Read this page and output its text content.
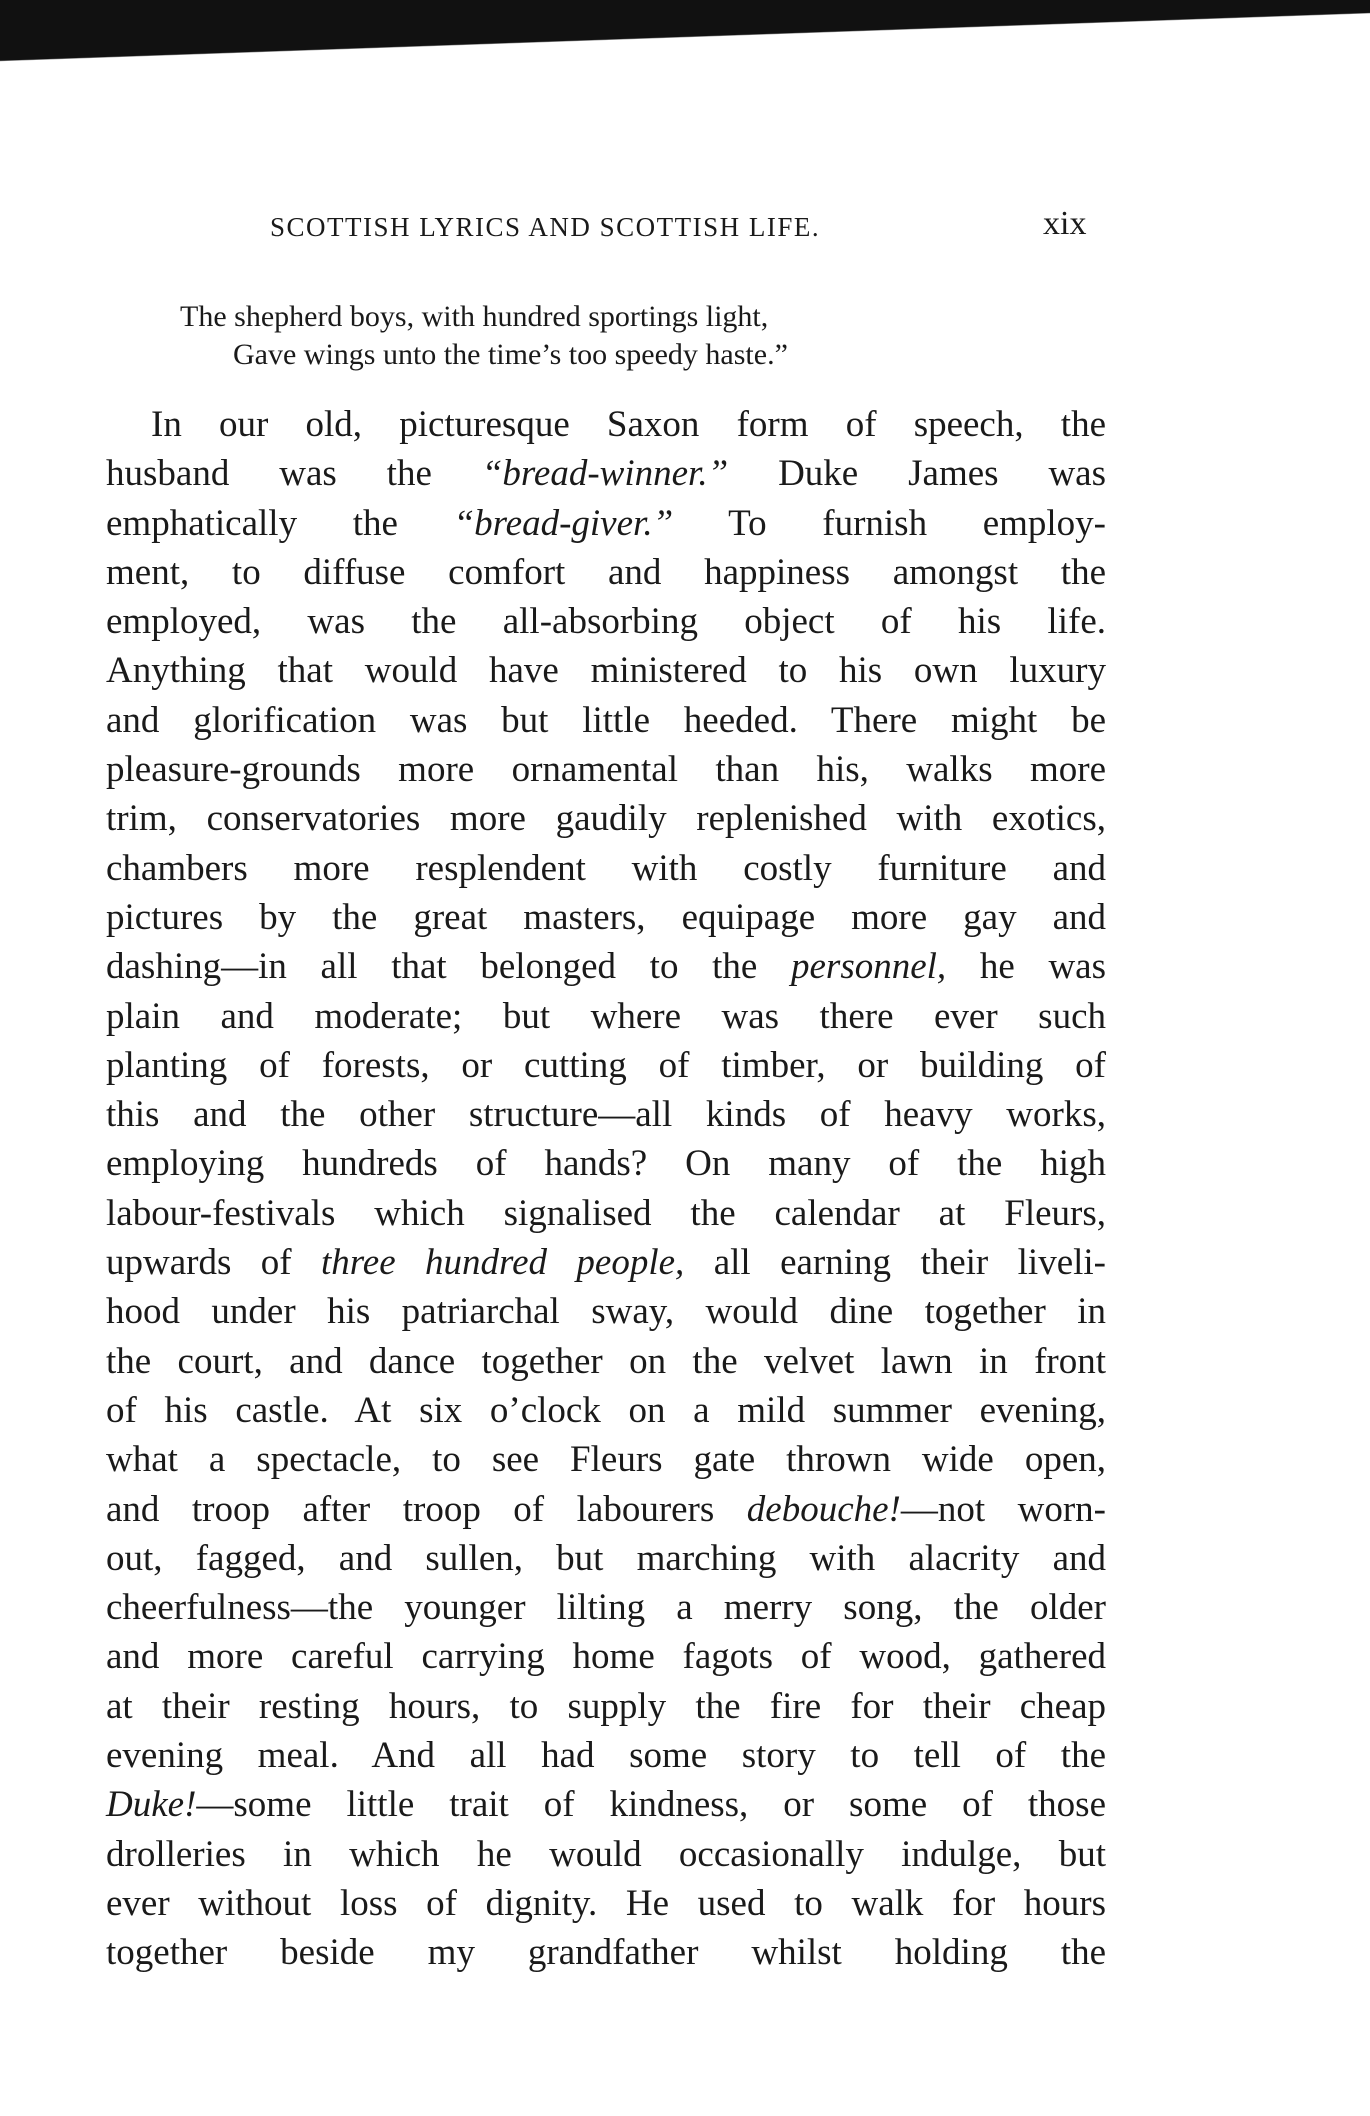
SCOTTISH LYRICS AND SCOTTISH LIFE.	xix
The shepherd boys, with hundred sportings light,
Gave wings unto the time’s too speedy haste.”
In our old, picturesque Saxon form of speech, the
husband was the “bread-winner.” Duke James was
emphatically the “bread-giver.” To furnish employ-
ment, to diffuse comfort and happiness amongst the
employed, was the all-absorbing object of his life.
Anything that would have ministered to his own luxury
and glorification was but little heeded. There might be
pleasure-grounds more ornamental than his, walks more
trim, conservatories more gaudily replenished with exotics,
chambers more resplendent with costly furniture and
pictures by the great masters, equipage more gay and
dashing—in all that belonged to the personnel, he was
plain and moderate; but where was there ever such
planting of forests, or cutting of timber, or building of
this and the other structure—all kinds of heavy works,
employing hundreds of hands? On many of the high
labour-festivals which signalised the calendar at Fleurs,
upwards of three hundred people, all earning their liveli-
hood under his patriarchal sway, would dine together in
the court, and dance together on the velvet lawn in front
of his castle. At six o’clock on a mild summer evening,
what a spectacle, to see Fleurs gate thrown wide open,
and troop after troop of labourers debouche!—not worn-
out, fagged, and sullen, but marching with alacrity and
cheerfulness—the younger lilting a merry song, the older
and more careful carrying home fagots of wood, gathered
at their resting hours, to supply the fire for their cheap
evening meal. And all had some story to tell of the
Duke!—some little trait of kindness, or some of those
drolleries in which he would occasionally indulge, but
ever without loss of dignity. He used to walk for hours
together beside my grandfather whilst holding the
